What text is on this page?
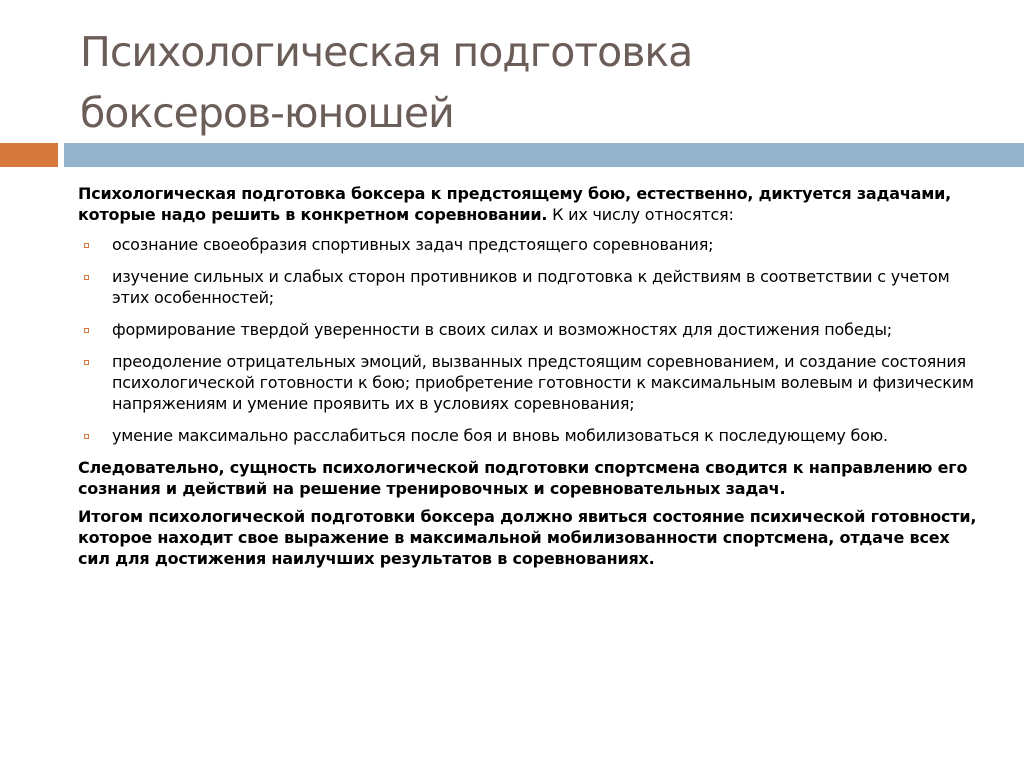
Психологическая подготовка
боксеров-юношей

Психологическая подготовка боксера к предстоящему бою, естественно, диктуется задачами, которые надо решить в конкретном соревновании. К их числу относятся:

осознание своеобразия спортивных задач предстоящего соревнования;
изучение сильных и слабых сторон противников и подготовка к действиям в соответствии с учетом этих особенностей;
формирование твердой уверенности в своих силах и возможностях для достижения победы;
преодоление отрицательных эмоций, вызванных предстоящим соревнованием, и создание состояния психологической готовности к бою; приобретение готовности к максимальным волевым и физическим напряжениям и умение проявить их в условиях соревнования;
умение максимально расслабиться после боя и вновь мобилизоваться к последующему бою.

Следовательно, сущность психологической подготовки спортсмена сводится к направлению его сознания и действий на решение тренировочных и соревновательных задач.

Итогом психологической подготовки боксера должно явиться состояние психической готовности, которое находит свое выражение в максимальной мобилизованности спортсмена, отдаче всех сил для достижения наилучших результатов в соревнованиях.
